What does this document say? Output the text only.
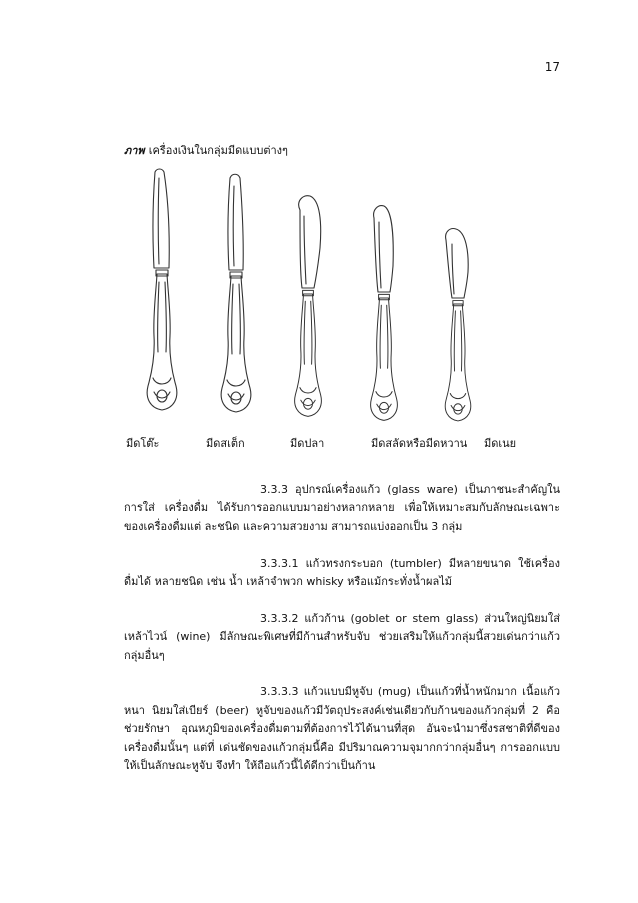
17
ภาพ เครื่องเงินในกลุ่มมีดแบบต่างๆ
มีดโต๊ะ	มีดสเต็ก	มีดปลา	มีดสลัดหรือมีดหวาน มีดเนย

3.3.3 อุปกรณ์เครื่องแก้ว (glass ware) เป็นภาชนะสำคัญในการใส่ เครื่องดื่ม ได้รับการออกแบบมาอย่างหลากหลาย เพื่อให้เหมาะสมกับลักษณะเฉพาะของเครื่องดื่มแต่ ละชนิด และความสวยงาม สามารถแบ่งออกเป็น 3 กลุ่ม

3.3.3.1 แก้วทรงกระบอก (tumbler) มีหลายขนาด ใช้เครื่องดื่มได้ หลายชนิด เช่น น้ำ เหล้าจำพวก whisky หรือแม้กระทั่งน้ำผลไม้

3.3.3.2 แก้วก้าน (goblet or stem glass) ส่วนใหญ่นิยมใส่เหล้าไวน์ (wine) มีลักษณะพิเศษที่มีก้านสำหรับจับ ช่วยเสริมให้แก้วกลุ่มนี้สวยเด่นกว่าแก้วกลุ่มอื่นๆ

3.3.3.3 แก้วแบบมีหูจับ (mug) เป็นแก้วที่น้ำหนักมาก เนื้อแก้วหนา นิยมใส่เบียร์ (beer) หูจับของแก้วมีวัตถุประสงค์เช่นเดียวกับก้านของแก้วกลุ่มที่ 2 คือ ช่วยรักษา อุณหภูมิของเครื่องดื่มตามที่ต้องการไว้ได้นานที่สุด อันจะนำมาซึ่งรสชาติที่ดีของเครื่องดื่มนั้นๆ แต่ที่ เด่นชัดของแก้วกลุ่มนี้คือ มีปริมาณความจุมากกว่ากลุ่มอื่นๆ การออกแบบให้เป็นลักษณะหูจับ จึงทำ ให้ถือแก้วนี้ได้ดีกว่าเป็นก้าน
